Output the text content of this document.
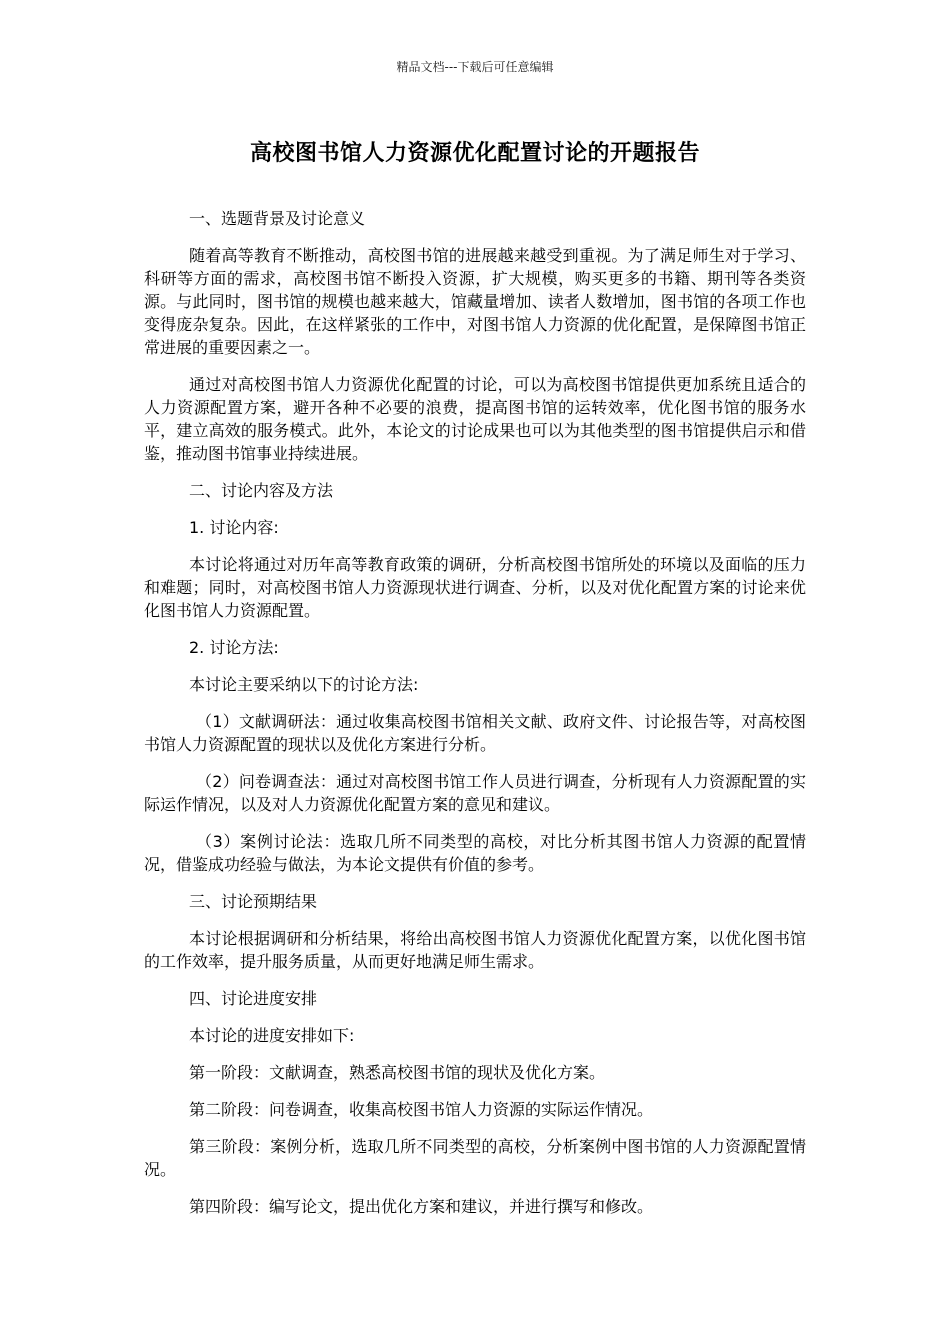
精品文档---下载后可任意编辑
高校图书馆人力资源优化配置讨论的开题报告

一、选题背景及讨论意义

随着高等教育不断推动，高校图书馆的进展越来越受到重视。为了满足师生对于学习、科研等方面的需求，高校图书馆不断投入资源，扩大规模，购买更多的书籍、期刊等各类资源。与此同时，图书馆的规模也越来越大，馆藏量增加、读者人数增加，图书馆的各项工作也变得庞杂复杂。因此，在这样紧张的工作中，对图书馆人力资源的优化配置，是保障图书馆正常进展的重要因素之一。

通过对高校图书馆人力资源优化配置的讨论，可以为高校图书馆提供更加系统且适合的人力资源配置方案，避开各种不必要的浪费，提高图书馆的运转效率，优化图书馆的服务水平，建立高效的服务模式。此外，本论文的讨论成果也可以为其他类型的图书馆提供启示和借鉴，推动图书馆事业持续进展。

二、讨论内容及方法

1. 讨论内容:

本讨论将通过对历年高等教育政策的调研，分析高校图书馆所处的环境以及面临的压力和难题；同时，对高校图书馆人力资源现状进行调查、分析，以及对优化配置方案的讨论来优化图书馆人力资源配置。

2. 讨论方法:

本讨论主要采纳以下的讨论方法:

（1）文献调研法：通过收集高校图书馆相关文献、政府文件、讨论报告等，对高校图书馆人力资源配置的现状以及优化方案进行分析。

（2）问卷调查法：通过对高校图书馆工作人员进行调查，分析现有人力资源配置的实际运作情况，以及对人力资源优化配置方案的意见和建议。

（3）案例讨论法：选取几所不同类型的高校，对比分析其图书馆人力资源的配置情况，借鉴成功经验与做法，为本论文提供有价值的参考。

三、讨论预期结果

本讨论根据调研和分析结果，将给出高校图书馆人力资源优化配置方案，以优化图书馆的工作效率，提升服务质量，从而更好地满足师生需求。

四、讨论进度安排

本讨论的进度安排如下:

第一阶段：文献调查，熟悉高校图书馆的现状及优化方案。

第二阶段：问卷调查，收集高校图书馆人力资源的实际运作情况。

第三阶段：案例分析，选取几所不同类型的高校，分析案例中图书馆的人力资源配置情况。

第四阶段：编写论文，提出优化方案和建议，并进行撰写和修改。
